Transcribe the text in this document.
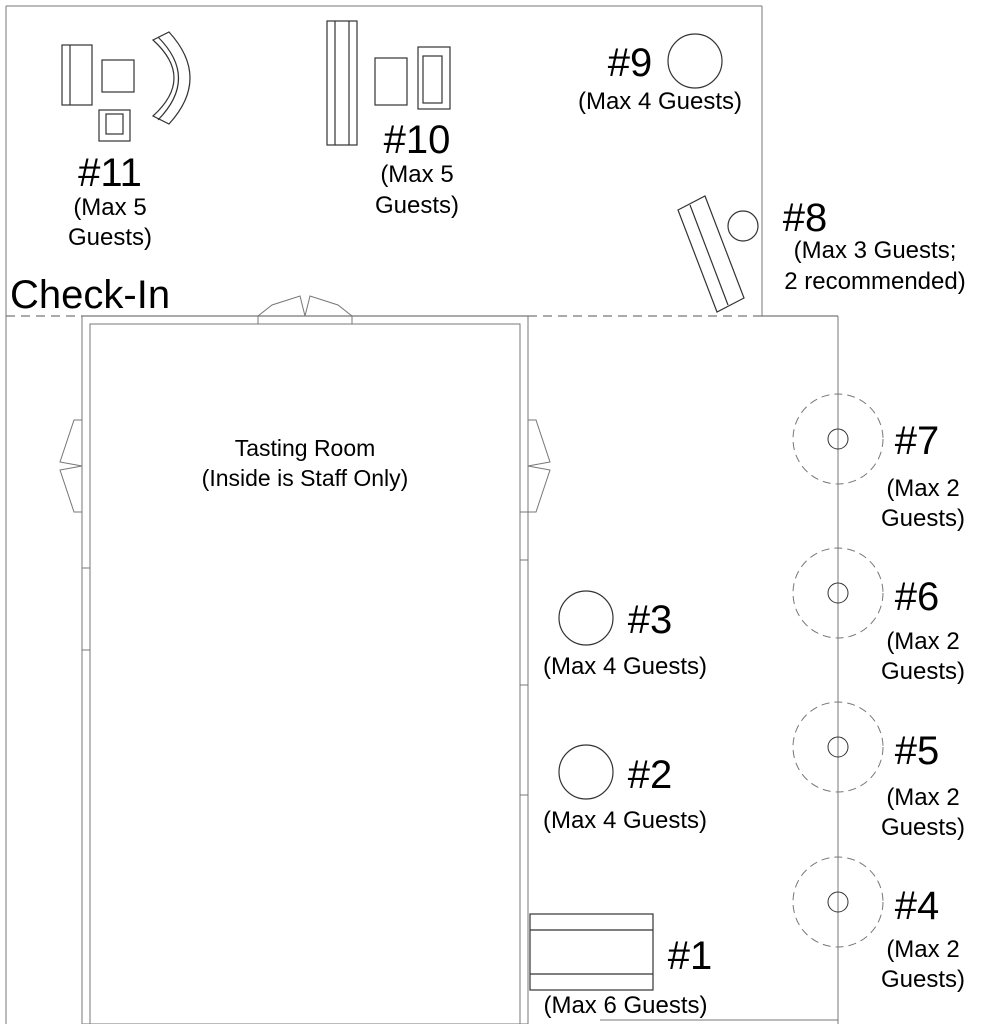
Check-In
Tasting Room
(Inside is Staff Only)
#11
(Max 5
Guests)
#10
(Max 5
Guests)
#9
(Max 4 Guests)
#8
(Max 3 Guests;
2 recommended)
#7
(Max 2
Guests)
#6
(Max 2
Guests)
#5
(Max 2
Guests)
#4
(Max 2
Guests)
#3
(Max 4 Guests)
#2
(Max 4 Guests)
#1
(Max 6 Guests)
